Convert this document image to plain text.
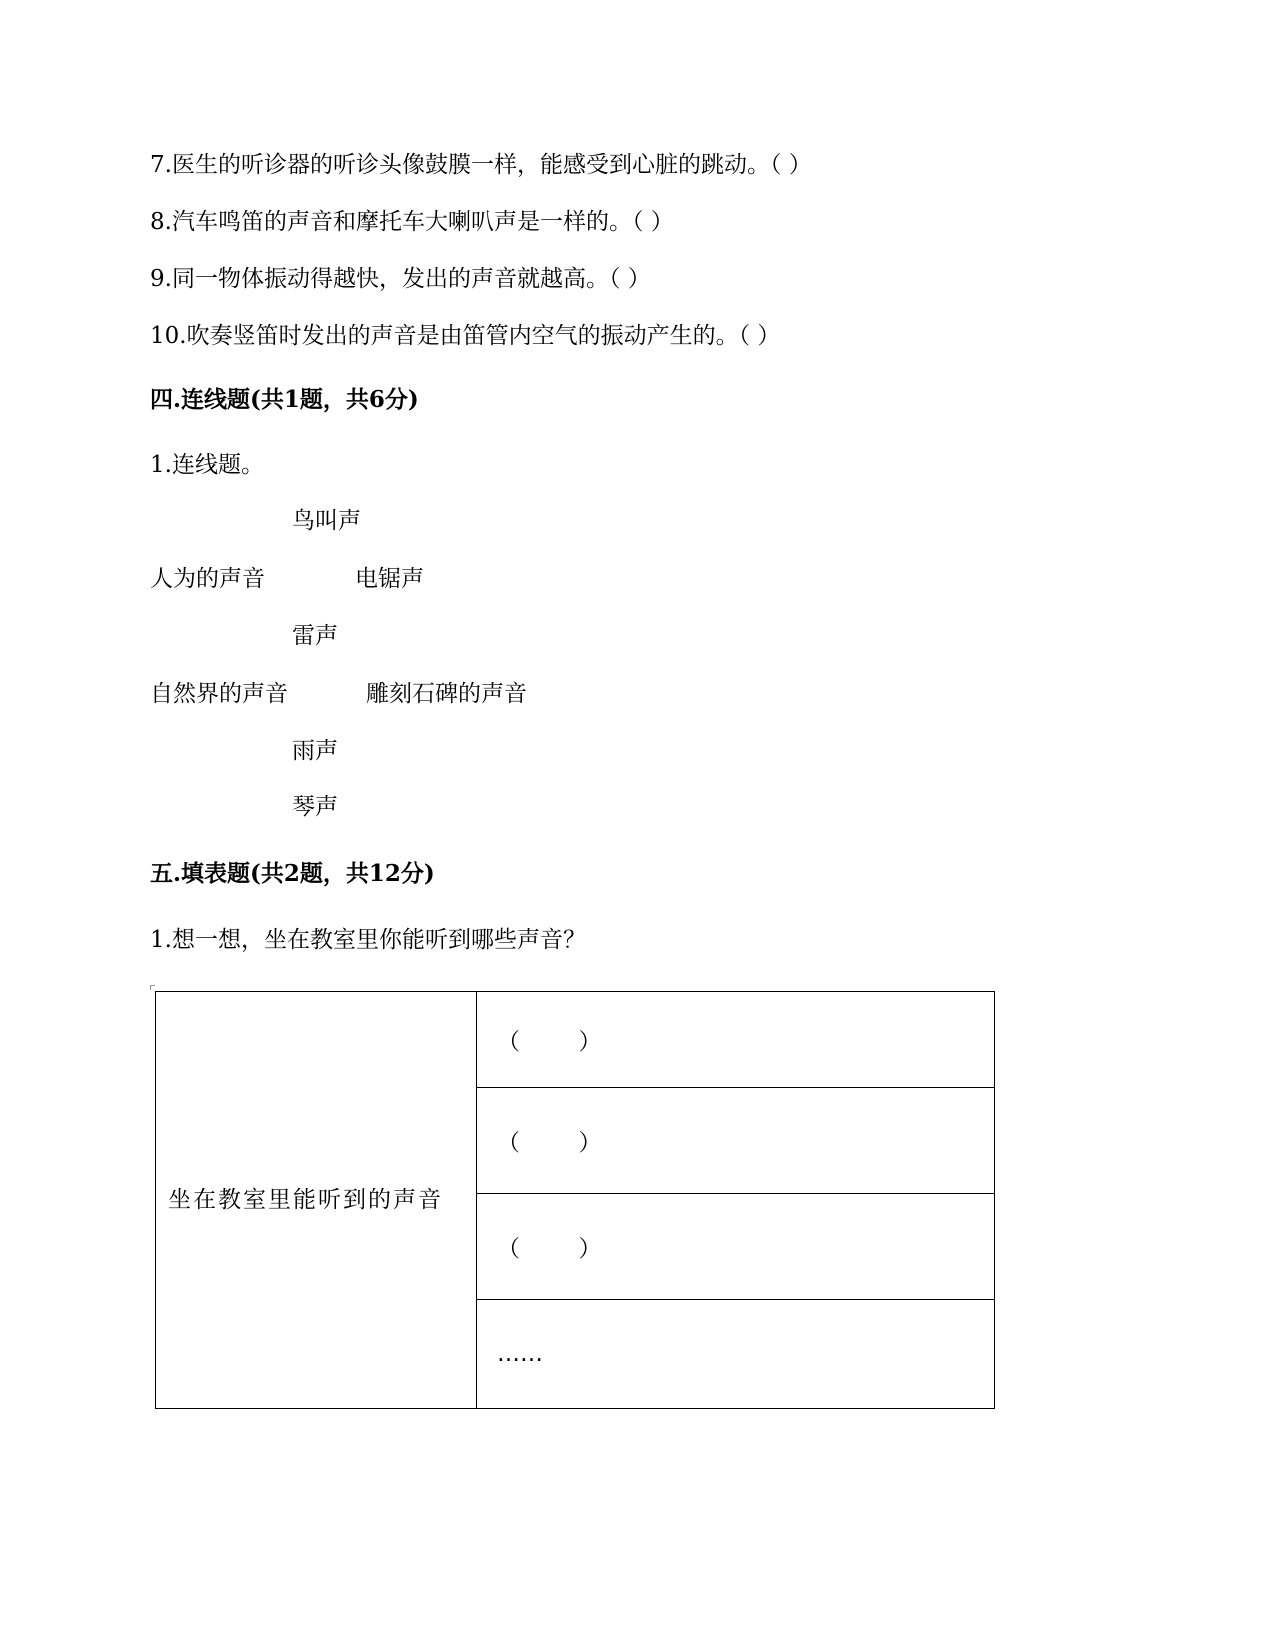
7.医生的听诊器的听诊头像鼓膜一样，能感受到心脏的跳动。（ ）
8.汽车鸣笛的声音和摩托车大喇叭声是一样的。（ ）
9.同一物体振动得越快，发出的声音就越高。（ ）
10.吹奏竖笛时发出的声音是由笛管内空气的振动产生的。（ ）
四.连线题(共1题，共6分)
1.连线题。
鸟叫声
人为的声音	电锯声
雷声
自然界的声音	雕刻石碑的声音
雨声
琴声
五.填表题(共2题，共12分)
1.想一想，坐在教室里你能听到哪些声音？
坐在教室里能听到的声音	（        ）
（        ）
（        ）
……
